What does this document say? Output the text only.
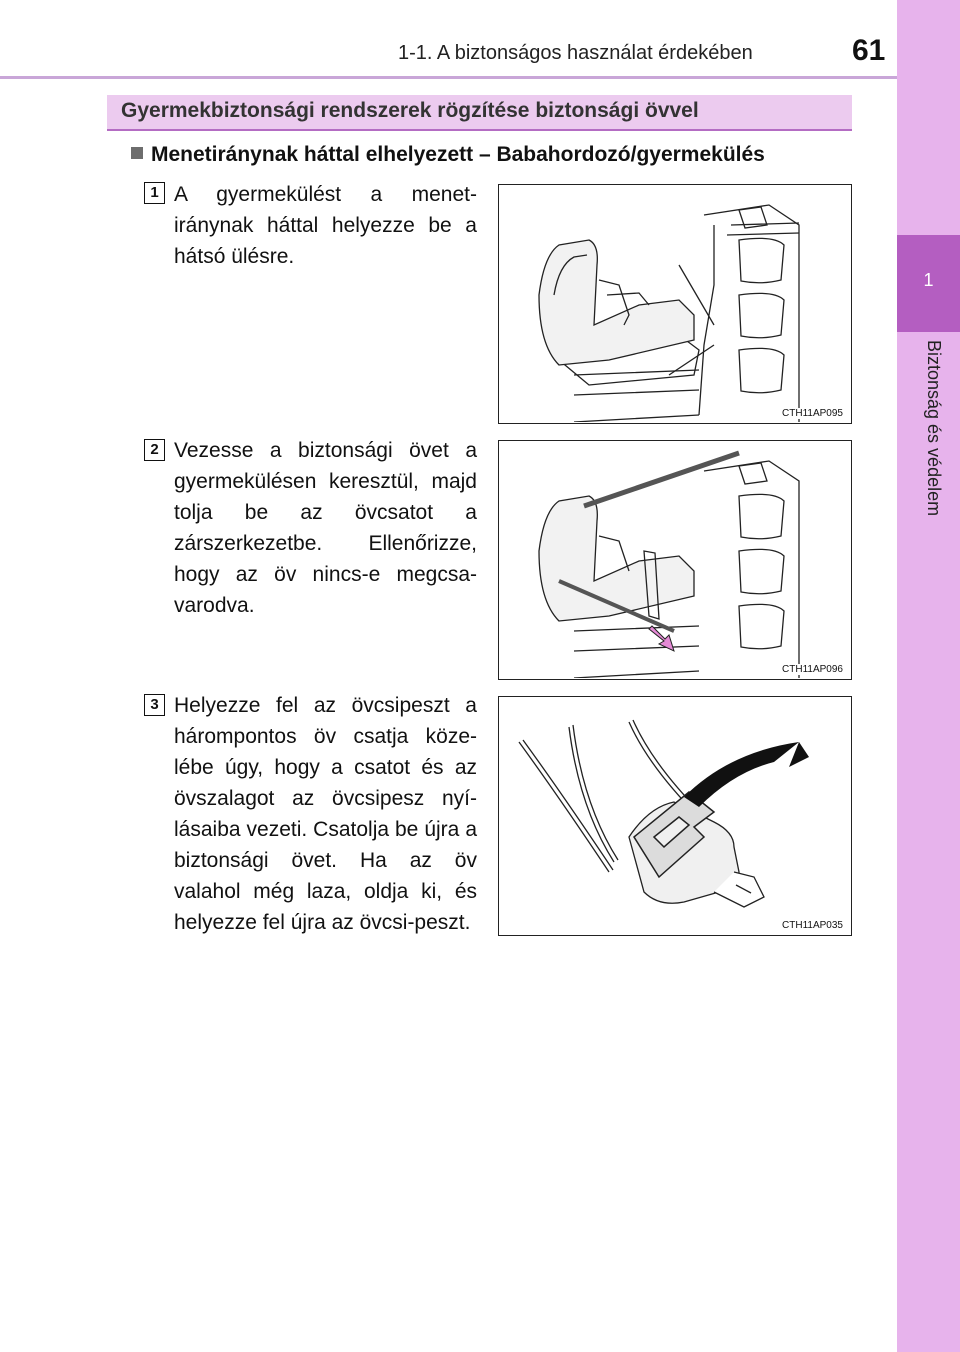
1-1. A biztonságos használat érdekében	61
1
Biztonság és védelem
Gyermekbiztonsági rendszerek rögzítése biztonsági övvel
Menetiránynak háttal elhelyezett – Babahordozó/gyermekülés
1 A gyermekülést a menet-iránynak háttal helyezze be a hátsó ülésre.
CTH11AP095
2 Vezesse a biztonsági övet a gyermekülésen keresztül, majd tolja be az övcsatot a zárszerkezetbe. Ellenőrizze, hogy az öv nincs-e megcsa-varodva.
CTH11AP096
3 Helyezze fel az övcsipeszt a hárompontos öv csatja köze-lébe úgy, hogy a csatot és az övszalagot az övcsipesz nyí-lásaiba vezeti. Csatolja be újra a biztonsági övet. Ha az öv valahol még laza, oldja ki, és helyezze fel újra az övcsi-peszt.	CTH11AP035
